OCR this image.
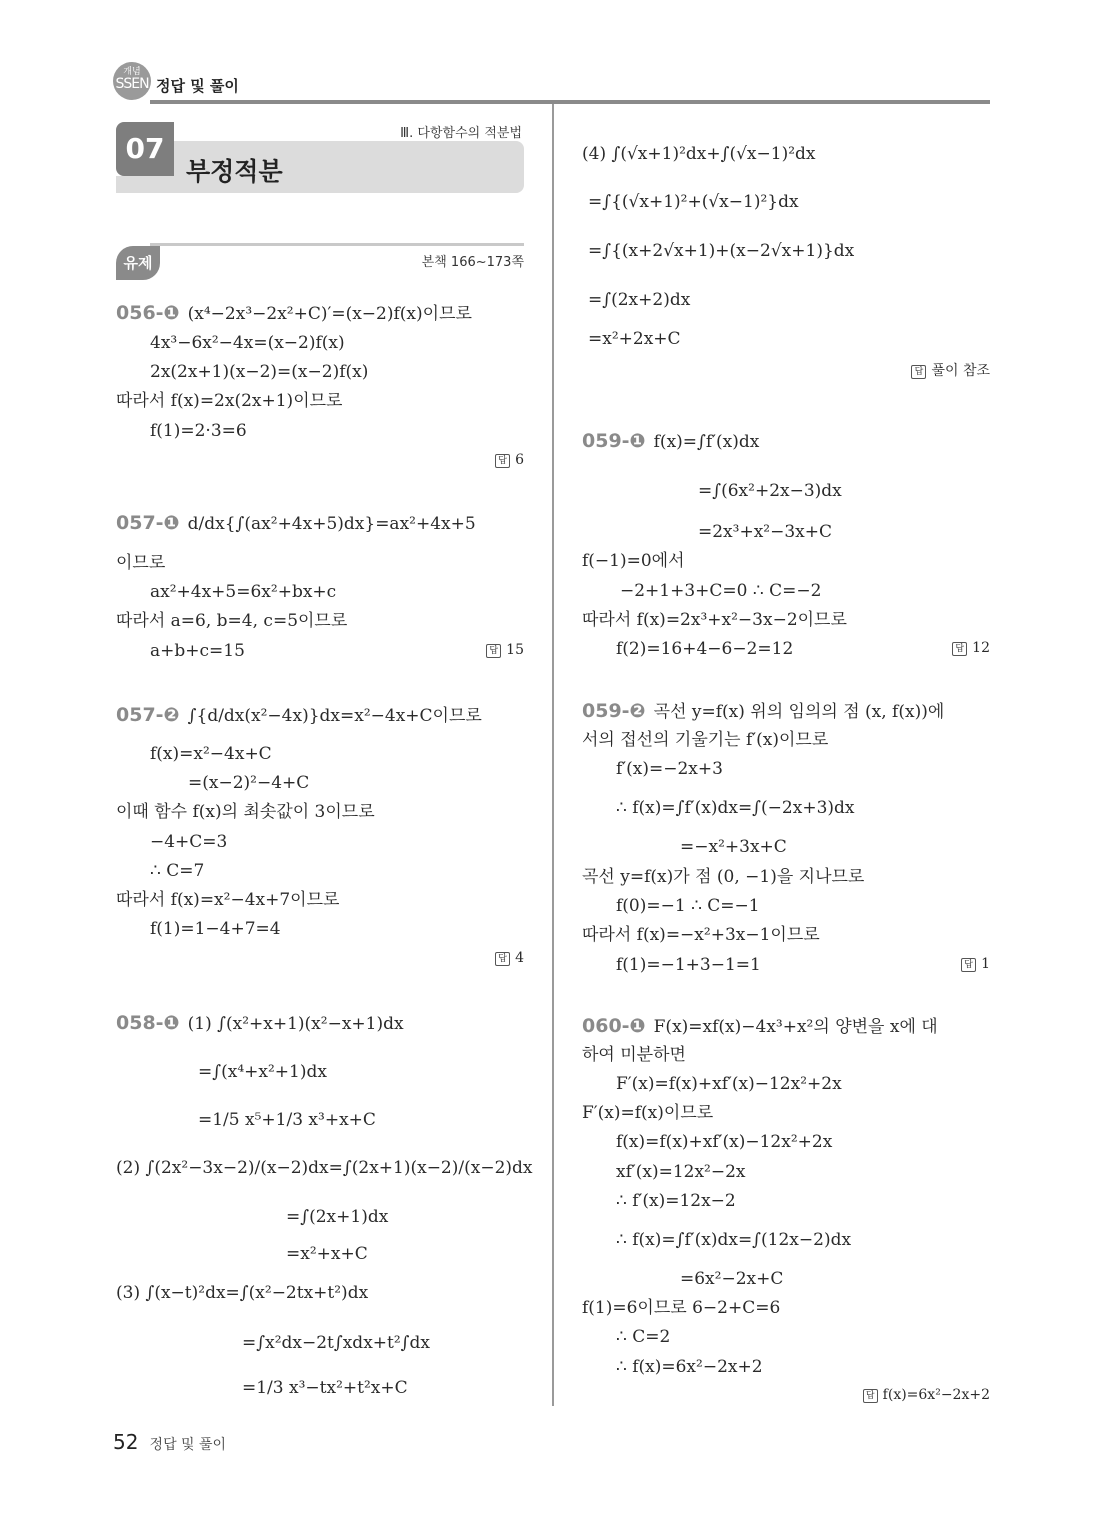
개념
SSEN 정답 및 풀이
07	Ⅲ. 다항함수의 적분법
부정적분
유제	본책 166~173쪽
056-❶ (x⁴−2x³−2x²+C)′=(x−2)f(x)이므로
4x³−6x²−4x=(x−2)f(x)
2x(2x+1)(x−2)=(x−2)f(x)
따라서 f(x)=2x(2x+1)이므로
f(1)=2·3=6
057-❶ d/dx{∫(ax²+4x+5)dx}=ax²+4x+5
이므로
ax²+4x+5=6x²+bx+c
따라서 a=6, b=4, c=5이므로
a+b+c=15
057-❷ ∫{d/dx(x²−4x)}dx=x²−4x+C이므로
f(x)=x²−4x+C
=(x−2)²−4+C
이때 함수 f(x)의 최솟값이 3이므로
−4+C=3
∴ C=7
따라서 f(x)=x²−4x+7이므로
f(1)=1−4+7=4
058-❶ (1) ∫(x²+x+1)(x²−x+1)dx
=∫(x⁴+x²+1)dx
=1/5 x⁵+1/3 x³+x+C
(2) ∫(2x²−3x−2)/(x−2)dx=∫(2x+1)(x−2)/(x−2)dx
=∫(2x+1)dx
=x²+x+C
(3) ∫(x−t)²dx=∫(x²−2tx+t²)dx
=∫x²dx−2t∫xdx+t²∫dx
=1/3 x³−tx²+t²x+C
답 6
답 15
답 4
(4) ∫(√x+1)²dx+∫(√x−1)²dx
=∫{(√x+1)²+(√x−1)²}dx
=∫{(x+2√x+1)+(x−2√x+1)}dx
=∫(2x+2)dx
=x²+2x+C
059-❶ f(x)=∫f′(x)dx
=∫(6x²+2x−3)dx
=2x³+x²−3x+C
f(−1)=0에서
−2+1+3+C=0 ∴ C=−2
따라서 f(x)=2x³+x²−3x−2이므로
f(2)=16+4−6−2=12
059-❷ 곡선 y=f(x) 위의 임의의 점 (x, f(x))에
서의 접선의 기울기는 f′(x)이므로
f′(x)=−2x+3
∴ f(x)=∫f′(x)dx=∫(−2x+3)dx
=−x²+3x+C
곡선 y=f(x)가 점 (0, −1)을 지나므로
f(0)=−1 ∴ C=−1
따라서 f(x)=−x²+3x−1이므로
f(1)=−1+3−1=1
060-❶ F(x)=xf(x)−4x³+x²의 양변을 x에 대
하여 미분하면
F′(x)=f(x)+xf′(x)−12x²+2x
F′(x)=f(x)이므로
f(x)=f(x)+xf′(x)−12x²+2x
xf′(x)=12x²−2x
∴ f′(x)=12x−2
∴ f(x)=∫f′(x)dx=∫(12x−2)dx
=6x²−2x+C
f(1)=6이므로 6−2+C=6
∴ C=2
∴ f(x)=6x²−2x+2
답 풀이 참조
답 12
답 1
답 f(x)=6x²−2x+2
52 정답 및 풀이
